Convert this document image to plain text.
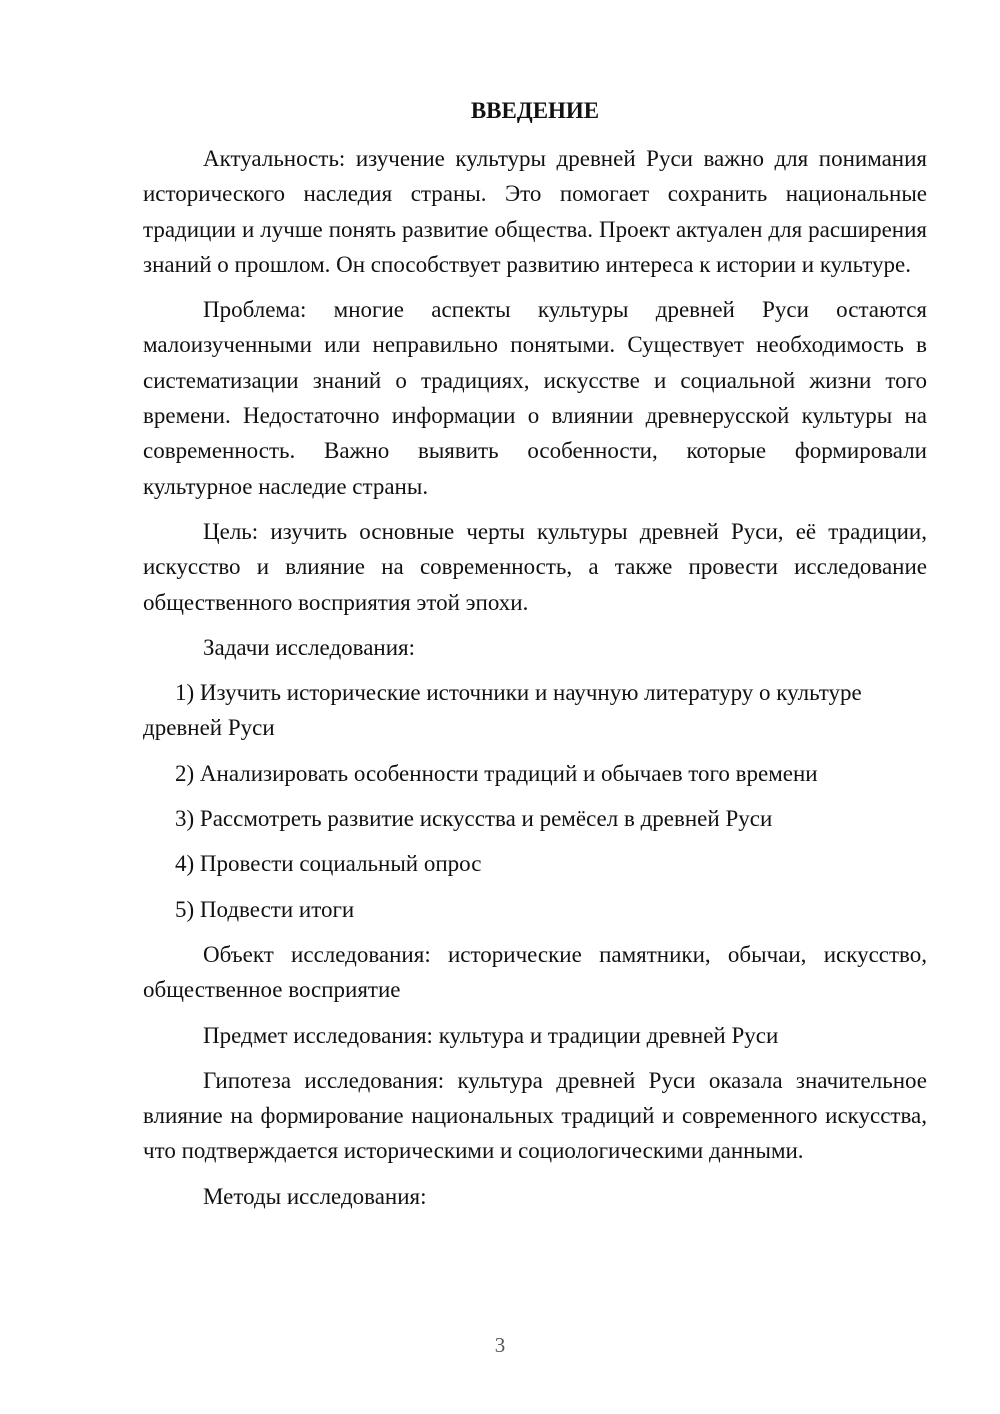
ВВЕДЕНИЕ

Актуальность: изучение культуры древней Руси важно для понимания исторического наследия страны. Это помогает сохранить национальные традиции и лучше понять развитие общества. Проект актуален для расширения знаний о прошлом. Он способствует развитию интереса к истории и культуре.

Проблема: многие аспекты культуры древней Руси остаются малоизученными или неправильно понятыми. Существует необходимость в систематизации знаний о традициях, искусстве и социальной жизни того времени. Недостаточно информации о влиянии древнерусской культуры на современность. Важно выявить особенности, которые формировали культурное наследие страны.

Цель: изучить основные черты культуры древней Руси, её традиции, искусство и влияние на современность, а также провести исследование общественного восприятия этой эпохи.

Задачи исследования:

1) Изучить исторические источники и научную литературу о культуре древней Руси

2) Анализировать особенности традиций и обычаев того времени

3) Рассмотреть развитие искусства и ремёсел в древней Руси

4) Провести социальный опрос

5) Подвести итоги

Объект исследования: исторические памятники, обычаи, искусство, общественное восприятие

Предмет исследования: культура и традиции древней Руси

Гипотеза исследования: культура древней Руси оказала значительное влияние на формирование национальных традиций и современного искусства, что подтверждается историческими и социологическими данными.

Методы исследования:

3
